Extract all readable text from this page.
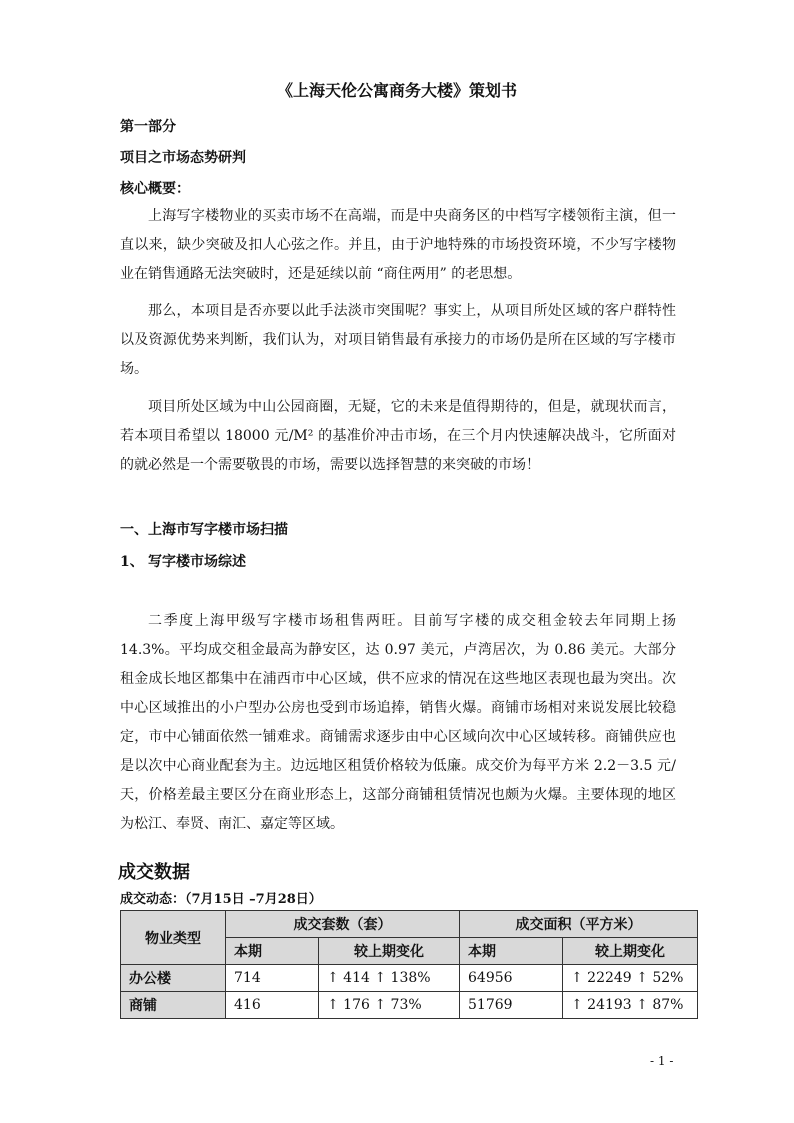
《上海天伦公寓商务大楼》策划书
第一部分
项目之市场态势研判
核心概要：

上海写字楼物业的买卖市场不在高端，而是中央商务区的中档写字楼领衔主演，但一直以来，缺少突破及扣人心弦之作。并且，由于沪地特殊的市场投资环境，不少写字楼物业在销售通路无法突破时，还是延续以前 “商住两用” 的老思想。

那么，本项目是否亦要以此手法淡市突围呢？事实上，从项目所处区域的客户群特性以及资源优势来判断，我们认为，对项目销售最有承接力的市场仍是所在区域的写字楼市场。

项目所处区域为中山公园商圈，无疑，它的未来是值得期待的，但是，就现状而言，若本项目希望以 18000 元/M² 的基准价冲击市场，在三个月内快速解决战斗，它所面对的就必然是一个需要敬畏的市场，需要以选择智慧的来突破的市场！

一、上海市写字楼市场扫描
1、 写字楼市场综述

二季度上海甲级写字楼市场租售两旺。目前写字楼的成交租金较去年同期上扬 14.3%。平均成交租金最高为静安区，达 0.97 美元，卢湾居次，为 0.86 美元。大部分租金成长地区都集中在浦西市中心区域，供不应求的情况在这些地区表现也最为突出。次中心区域推出的小户型办公房也受到市场追捧，销售火爆。商铺市场相对来说发展比较稳定，市中心铺面依然一铺难求。商铺需求逐步由中心区域向次中心区域转移。商铺供应也是以次中心商业配套为主。边远地区租赁价格较为低廉。成交价为每平方米 2.2－3.5 元/天，价格差最主要区分在商业形态上，这部分商铺租赁情况也颇为火爆。主要体现的地区为松江、奉贤、南汇、嘉定等区域。

成交数据
成交动态：（7月15日 –7月28日）
物业类型	成交套数（套）		成交面积（平方米）	
	本期	较上期变化	本期	较上期变化
办公楼	714	↑ 414 ↑ 138%	64956	↑ 22249 ↑ 52%
商铺	416	↑ 176 ↑ 73%	51769	↑ 24193 ↑ 87%
- 1 -
